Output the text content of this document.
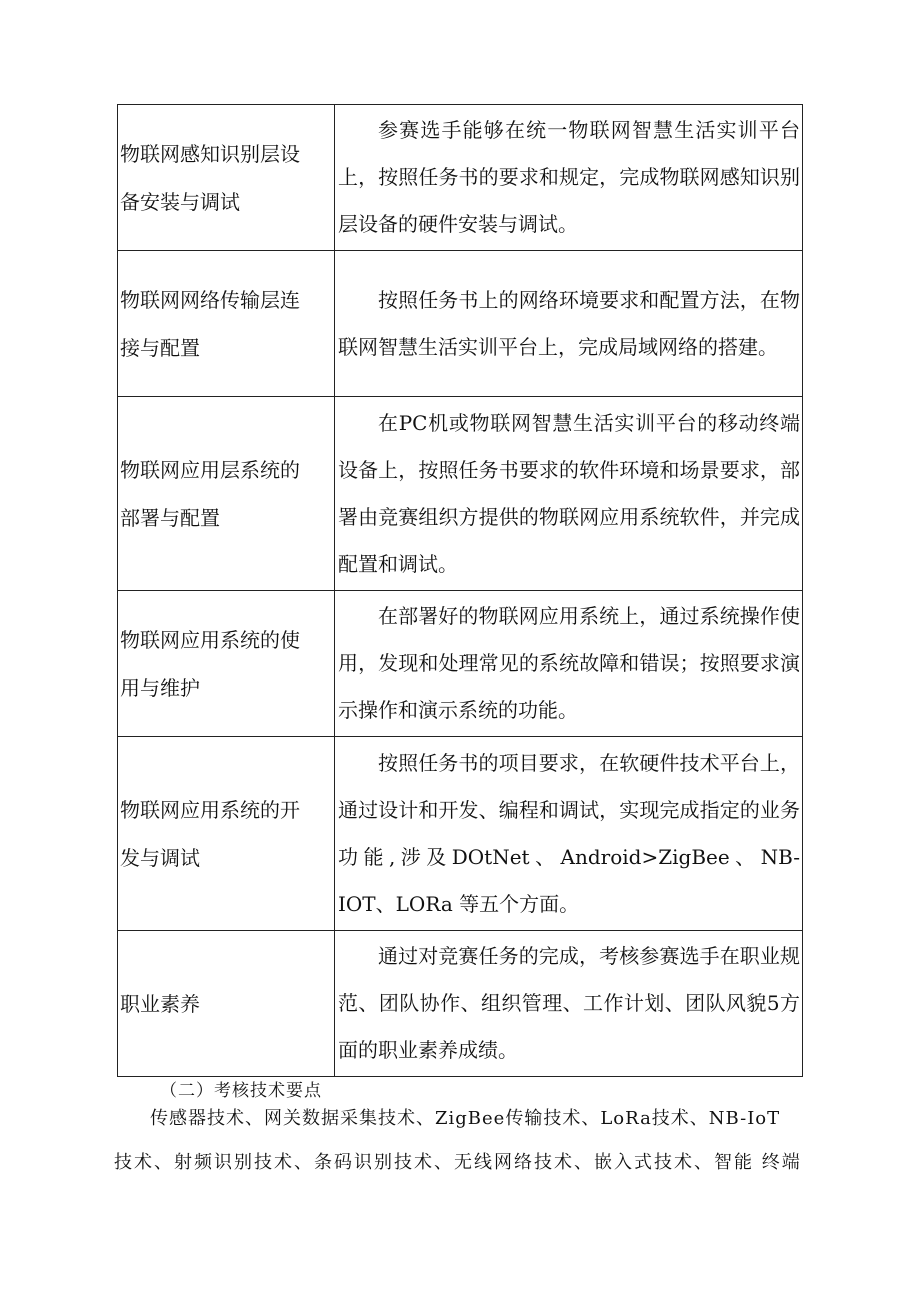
物联网感知识别层设备安装与调试	参赛选手能够在统一物联网智慧生活实训平台上，按照任务书的要求和规定，完成物联网感知识别层设备的硬件安装与调试。

物联网网络传输层连接与配置	按照任务书上的网络环境要求和配置方法，在物联网智慧生活实训平台上，完成局域网络的搭建。

物联网应用层系统的部署与配置	在PC机或物联网智慧生活实训平台的移动终端设备上，按照任务书要求的软件环境和场景要求，部署由竞赛组织方提供的物联网应用系统软件，并完成配置和调试。

物联网应用系统的使用与维护	在部署好的物联网应用系统上，通过系统操作使用，发现和处理常见的系统故障和错误；按照要求演示操作和演示系统的功能。

物联网应用系统的开发与调试	按照任务书的项目要求，在软硬件技术平台上，通过设计和开发、编程和调试，实现完成指定的业务功能,涉及DOtNet、Android>ZigBee、NB-IOT、LORa 等五个方面。

职业素养	通过对竞赛任务的完成，考核参赛选手在职业规范、团队协作、组织管理、工作计划、团队风貌5方面的职业素养成绩。

（二）考核技术要点
传感器技术、网关数据采集技术、ZigBee传输技术、LoRa技术、NB-IoT
技术、射频识别技术、条码识别技术、无线网络技术、嵌入式技术、智能 终端
